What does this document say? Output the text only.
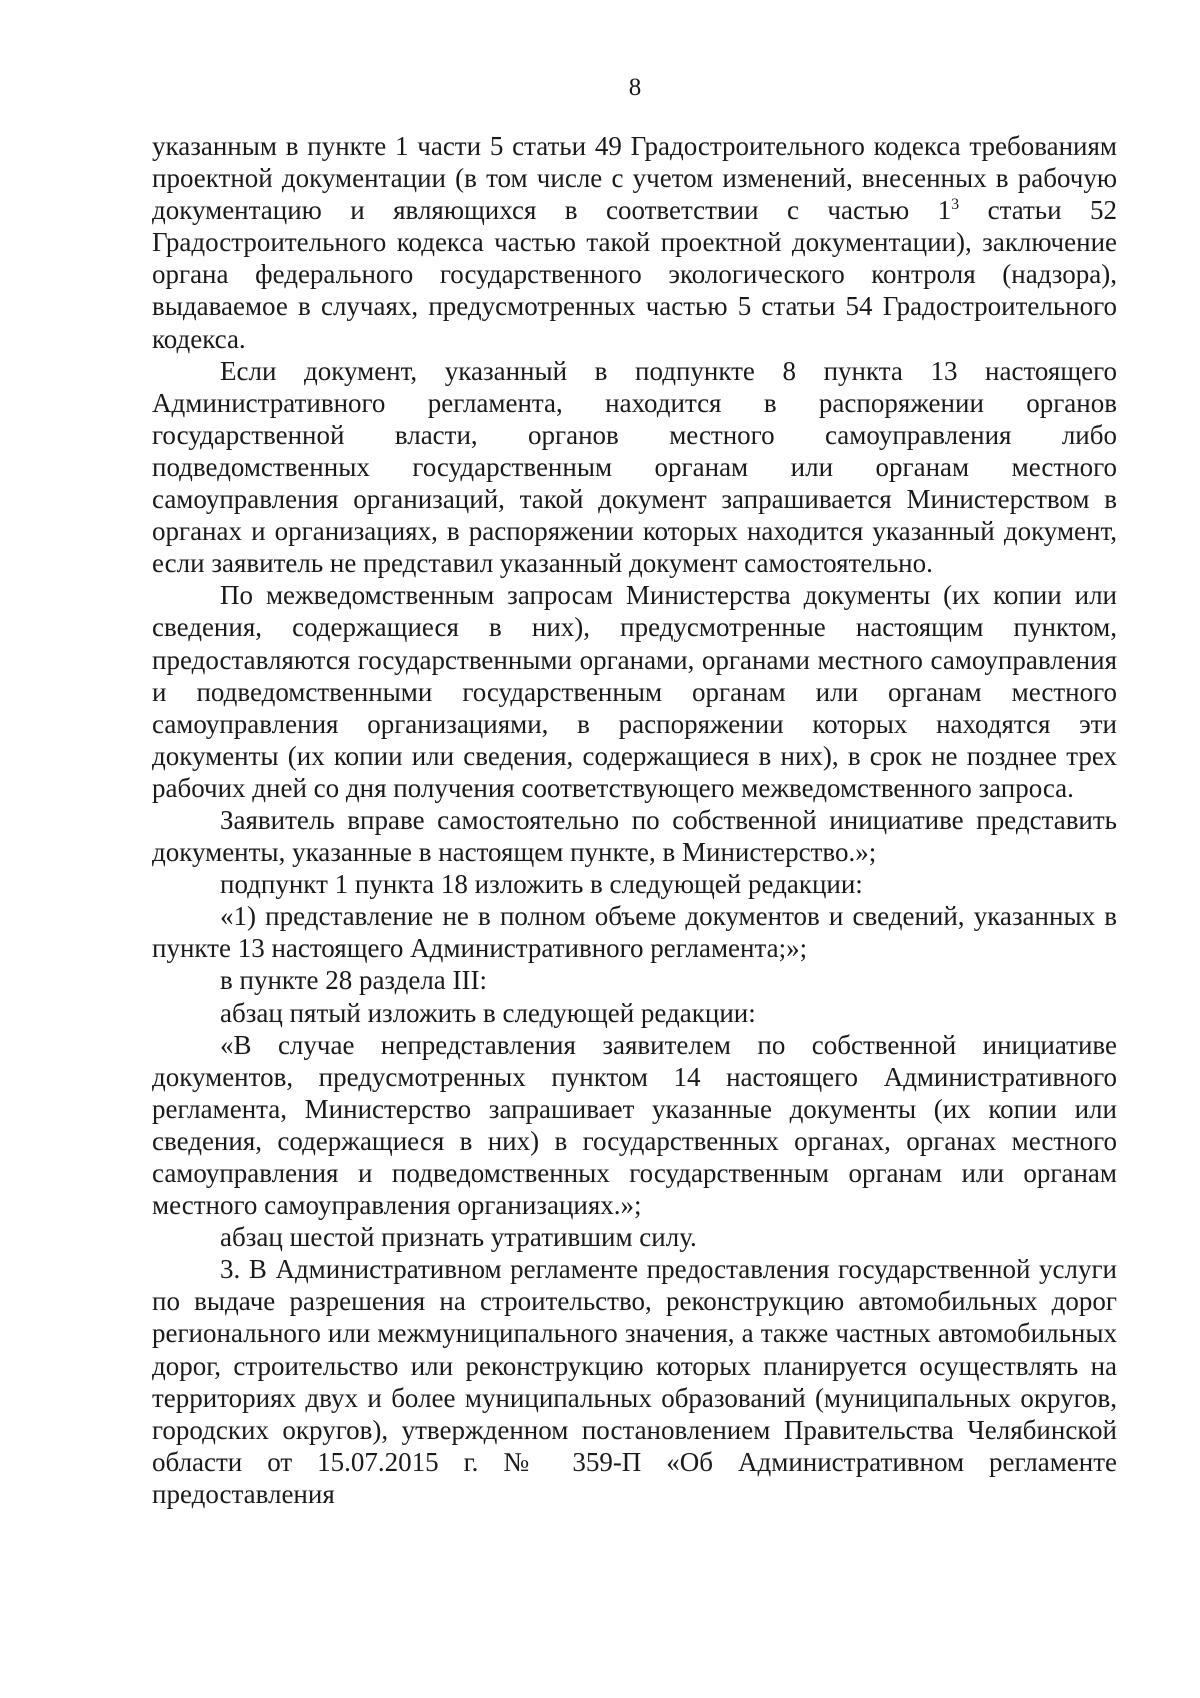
8

указанным в пункте 1 части 5 статьи 49 Градостроительного кодекса требованиям проектной документации (в том числе с учетом изменений, внесенных в рабочую документацию и являющихся в соответствии с частью $1^3$ статьи 52 Градостроительного кодекса частью такой проектной документации), заключение органа федерального государственного экологического контроля (надзора), выдаваемое в случаях, предусмотренных частью 5 статьи 54 Градостроительного кодекса.

Если документ, указанный в подпункте 8 пункта 13 настоящего Административного регламента, находится в распоряжении органов государственной власти, органов местного самоуправления либо подведомственных государственным органам или органам местного самоуправления организаций, такой документ запрашивается Министерством в органах и организациях, в распоряжении которых находится указанный документ, если заявитель не представил указанный документ самостоятельно.

По межведомственным запросам Министерства документы (их копии или сведения, содержащиеся в них), предусмотренные настоящим пунктом, предоставляются государственными органами, органами местного самоуправления и подведомственными государственным органам или органам местного самоуправления организациями, в распоряжении которых находятся эти документы (их копии или сведения, содержащиеся в них), в срок не позднее трех рабочих дней со дня получения соответствующего межведомственного запроса.

Заявитель вправе самостоятельно по собственной инициативе представить документы, указанные в настоящем пункте, в Министерство.»;

подпункт 1 пункта 18 изложить в следующей редакции:

«1) представление не в полном объеме документов и сведений, указанных в пункте 13 настоящего Административного регламента;»;

в пункте 28 раздела III:

абзац пятый изложить в следующей редакции:

«В случае непредставления заявителем по собственной инициативе документов, предусмотренных пунктом 14 настоящего Административного регламента, Министерство запрашивает указанные документы (их копии или сведения, содержащиеся в них) в государственных органах, органах местного самоуправления и подведомственных государственным органам или органам местного самоуправления организациях.»;

абзац шестой признать утратившим силу.

3. В Административном регламенте предоставления государственной услуги по выдаче разрешения на строительство, реконструкцию автомобильных дорог регионального или межмуниципального значения, а также частных автомобильных дорог, строительство или реконструкцию которых планируется осуществлять на территориях двух и более муниципальных образований (муниципальных округов, городских округов), утвержденном постановлением Правительства Челябинской области от 15.07.2015 г. № 359-П «Об Административном регламенте предоставления
